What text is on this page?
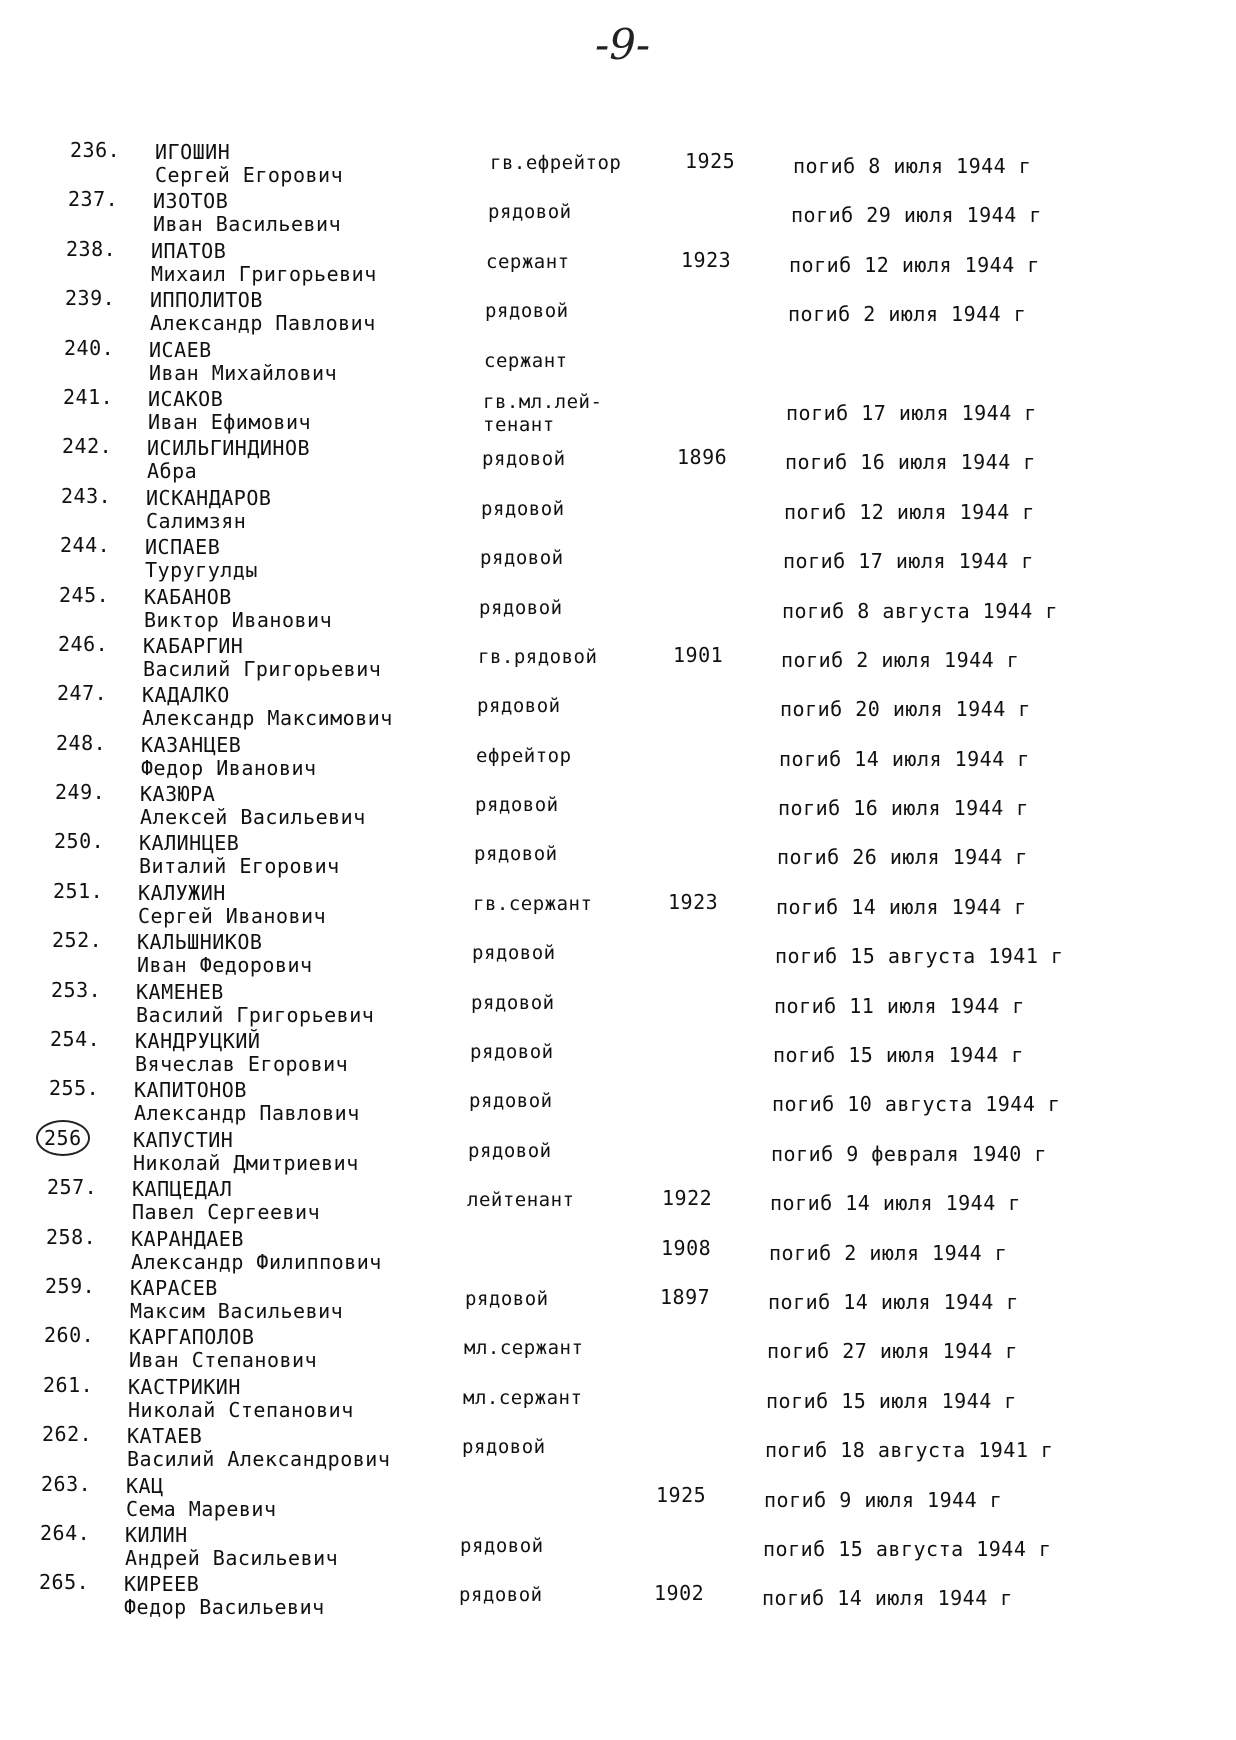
-9-
236.	ИГОШИН
Сергей Егорович	гв.ефрейтор	1925	погиб 8 июля 1944 г
237.	ИЗОТОВ
Иван Васильевич	рядовой	погиб 29 июля 1944 г
238.	ИПАТОВ
Михаил Григорьевич	сержант	1923	погиб 12 июля 1944 г
239.	ИППОЛИТОВ
Александр Павлович	рядовой	погиб 2 июля 1944 г
240.	ИСАЕВ
Иван Михайлович	сержант
241.	ИСАКОВ
Иван Ефимович
гв.мл.лей-
тенант	погиб 17 июля 1944 г
242.	ИСИЛЬГИНДИНОВ
Абра	рядовой	1896	погиб 16 июля 1944 г
243.	ИСКАНДАРОВ
Салимзян	рядовой	погиб 12 июля 1944 г
244.	ИСПАЕВ
Туругулды	рядовой	погиб 17 июля 1944 г
245.	КАБАНОВ
Виктор Иванович	рядовой	погиб 8 августа 1944 г
246.	КАБАРГИН
Василий Григорьевич	гв.рядовой	1901	погиб 2 июля 1944 г
247.	КАДАЛКО
Александр Максимович	рядовой	погиб 20 июля 1944 г
248.	КАЗАНЦЕВ
Федор Иванович	ефрейтор	погиб 14 июля 1944 г
249.	КАЗЮРА
Алексей Васильевич	рядовой	погиб 16 июля 1944 г
250.	КАЛИНЦЕВ
Виталий Егорович	рядовой	погиб 26 июля 1944 г
251.	КАЛУЖИН
Сергей Иванович	гв.сержант	1923	погиб 14 июля 1944 г
252.	КАЛЬШНИКОВ
Иван Федорович	рядовой	погиб 15 августа 1941 г
253.	КАМЕНЕВ
Василий Григорьевич	рядовой	погиб 11 июля 1944 г
254.	КАНДРУЦКИЙ
Вячеслав Егорович	рядовой	погиб 15 июля 1944 г
255.	КАПИТОНОВ
Александр Павлович	рядовой	погиб 10 августа 1944 г
256	КАПУСТИН
Николай Дмитриевич	рядовой	погиб 9 февраля 1940 г
257.	КАПЦЕДАЛ
Павел Сергеевич	лейтенант	1922	погиб 14 июля 1944 г
258.	КАРАНДАЕВ
Александр Филиппович
1908	погиб 2 июля 1944 г
259.	КАРАСЕВ
Максим Васильевич	рядовой	1897	погиб 14 июля 1944 г
260.	КАРГАПОЛОВ
Иван Степанович	мл.сержант	погиб 27 июля 1944 г
261.	КАСТРИКИН
Николай Степанович	мл.сержант	погиб 15 июля 1944 г
262.	КАТАЕВ
Василий Александрович	рядовой	погиб 18 августа 1941 г
263.	КАЦ
Сема Маревич
1925	погиб 9 июля 1944 г
264.	КИЛИН
Андрей Васильевич	рядовой	погиб 15 августа 1944 г
265.	КИРЕЕВ
Федор Васильевич	рядовой	1902	погиб 14 июля 1944 г
